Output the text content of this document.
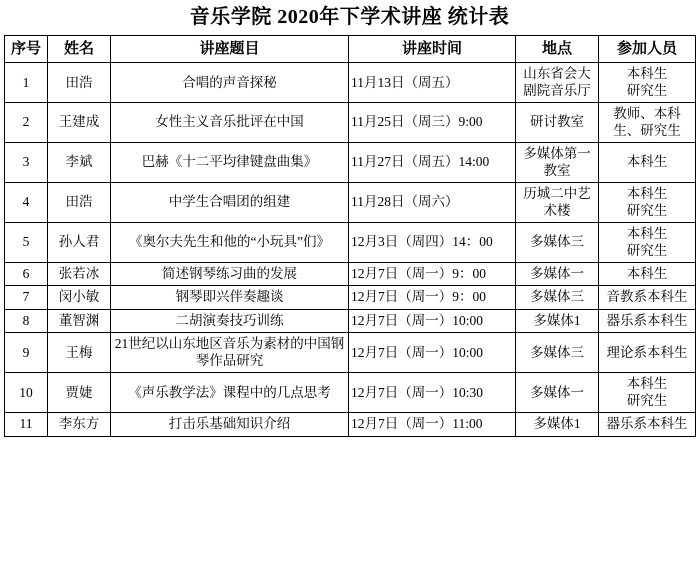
音乐学院 2020年下学术讲座 统计表
序号	姓名	讲座题目	讲座时间	地点	参加人员
1	田浩	合唱的声音探秘	11月13日（周五）	山东省会大剧院音乐厅	本科生
研究生
2	王建成	女性主义音乐批评在中国	11月25日（周三）9:00	研讨教室	教师、本科生、研究生
3	李斌	巴赫《十二平均律键盘曲集》	11月27日（周五）14:00	多媒体第一教室	本科生
4	田浩	中学生合唱团的组建	11月28日（周六）	历城二中艺术楼	本科生
研究生
5	孙人君	《奥尔夫先生和他的“小玩具”们》	12月3日（周四）14：00	多媒体三	本科生
研究生
6	张若冰	简述钢琴练习曲的发展	12月7日（周一）9：00	多媒体一	本科生
7	闵小敏	钢琴即兴伴奏趣谈	12月7日（周一）9：00	多媒体三	音教系本科生
8	董智渊	二胡演奏技巧训练	12月7日（周一）10:00	多媒体1	器乐系本科生
9	王梅	21世纪以山东地区音乐为素材的中国钢琴作品研究	12月7日（周一）10:00	多媒体三	理论系本科生
10	贾婕	《声乐教学法》课程中的几点思考	12月7日（周一）10:30	多媒体一	本科生
研究生
11	李东方	打击乐基础知识介绍	12月7日（周一）11:00	多媒体1	器乐系本科生
